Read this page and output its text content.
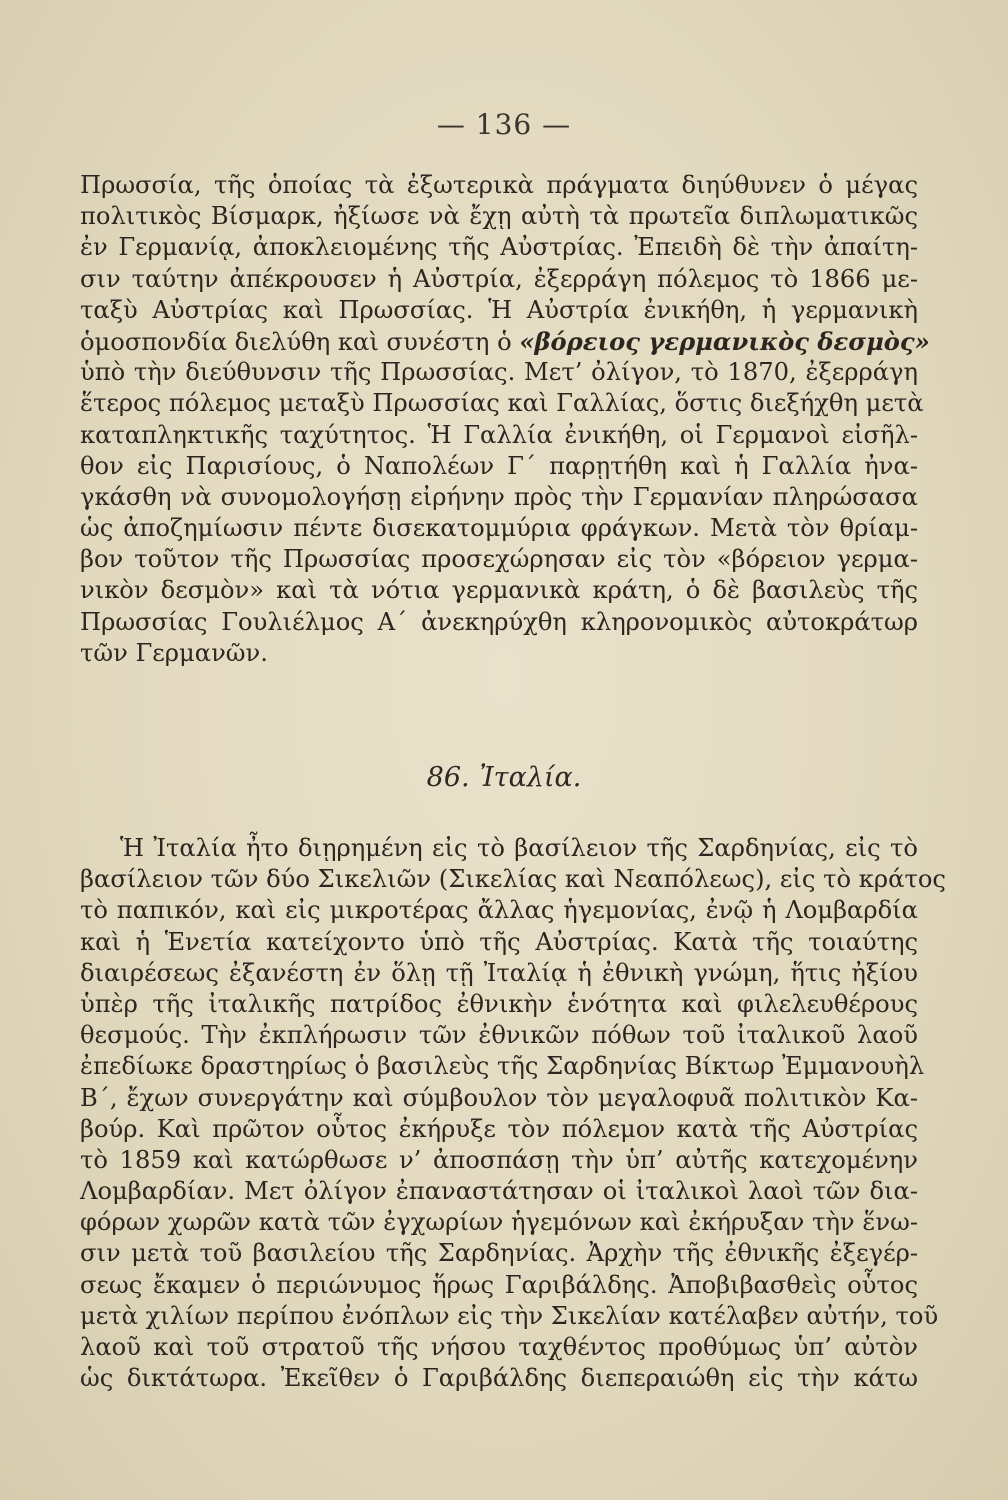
— 136 —
Πρωσσία, τῆς ὁποίας τὰ ἐξωτερικὰ πράγματα διηύθυνεν ὁ μέγας
πολιτικὸς Βίσμαρκ, ἠξίωσε νὰ ἔχῃ αὐτὴ τὰ πρωτεῖα διπλωματικῶς
ἐν Γερμανίᾳ, ἀποκλειομένης τῆς Αὐστρίας. Ἐπειδὴ δὲ τὴν ἀπαίτη-
σιν ταύτην ἀπέκρουσεν ἡ Αὐστρία, ἐξερράγη πόλεμος τὸ 1866 με-
ταξὺ Αὐστρίας καὶ Πρωσσίας. Ἡ Αὐστρία ἐνικήθη, ἡ γερμανικὴ
ὁμοσπονδία διελύθη καὶ συνέστη ὁ «βόρειος γερμανικὸς δεσμὸς»
ὑπὸ τὴν διεύθυνσιν τῆς Πρωσσίας. Μετ’ ὀλίγον, τὸ 1870, ἐξερράγη
ἕτερος πόλεμος μεταξὺ Πρωσσίας καὶ Γαλλίας, ὅστις διεξήχθη μετὰ
καταπληκτικῆς ταχύτητος. Ἡ Γαλλία ἐνικήθη, οἱ Γερμανοὶ εἰσῆλ-
θον εἰς Παρισίους, ὁ Ναπολέων Γ´ παρῃτήθη καὶ ἡ Γαλλία ἠνα-
γκάσθη νὰ συνομολογήσῃ εἰρήνην πρὸς τὴν Γερμανίαν πληρώσασα
ὡς ἀποζημίωσιν πέντε δισεκατομμύρια φράγκων. Μετὰ τὸν θρίαμ-
βον τοῦτον τῆς Πρωσσίας προσεχώρησαν εἰς τὸν «βόρειον γερμα-
νικὸν δεσμὸν» καὶ τὰ νότια γερμανικὰ κράτη, ὁ δὲ βασιλεὺς τῆς
Πρωσσίας Γουλιέλμος Α´ ἀνεκηρύχθη κληρονομικὸς αὐτοκράτωρ
τῶν Γερμανῶν.
86. Ἰταλία.
Ἡ Ἰταλία ἦτο διῃρημένη εἰς τὸ βασίλειον τῆς Σαρδηνίας, εἰς τὸ
βασίλειον τῶν δύο Σικελιῶν (Σικελίας καὶ Νεαπόλεως), εἰς τὸ κράτος
τὸ παπικόν, καὶ εἰς μικροτέρας ἄλλας ἡγεμονίας, ἐνῷ ἡ Λομβαρδία
καὶ ἡ Ἑνετία κατείχοντο ὑπὸ τῆς Αὐστρίας. Κατὰ τῆς τοιαύτης
διαιρέσεως ἐξανέστη ἐν ὅλῃ τῇ Ἰταλίᾳ ἡ ἐθνικὴ γνώμη, ἥτις ἠξίου
ὑπὲρ τῆς ἰταλικῆς πατρίδος ἐθνικὴν ἑνότητα καὶ φιλελευθέρους
θεσμούς. Τὴν ἐκπλήρωσιν τῶν ἐθνικῶν πόθων τοῦ ἰταλικοῦ λαοῦ
ἐπεδίωκε δραστηρίως ὁ βασιλεὺς τῆς Σαρδηνίας Βίκτωρ Ἐμμανουὴλ
Β´, ἔχων συνεργάτην καὶ σύμβουλον τὸν μεγαλοφυᾶ πολιτικὸν Κα-
βούρ. Καὶ πρῶτον οὗτος ἐκήρυξε τὸν πόλεμον κατὰ τῆς Αὐστρίας
τὸ 1859 καὶ κατώρθωσε ν’ ἀποσπάσῃ τὴν ὑπ’ αὐτῆς κατεχομένην
Λομβαρδίαν. Μετ ὀλίγον ἐπαναστάτησαν οἱ ἰταλικοὶ λαοὶ τῶν δια-
φόρων χωρῶν κατὰ τῶν ἐγχωρίων ἡγεμόνων καὶ ἐκήρυξαν τὴν ἕνω-
σιν μετὰ τοῦ βασιλείου τῆς Σαρδηνίας. Ἀρχὴν τῆς ἐθνικῆς ἐξεγέρ-
σεως ἔκαμεν ὁ περιώνυμος ἥρως Γαριβάλδης. Ἀποβιβασθεὶς οὗτος
μετὰ χιλίων περίπου ἐνόπλων εἰς τὴν Σικελίαν κατέλαβεν αὐτήν, τοῦ
λαοῦ καὶ τοῦ στρατοῦ τῆς νήσου ταχθέντος προθύμως ὑπ’ αὐτὸν
ὡς δικτάτωρα. Ἐκεῖθεν ὁ Γαριβάλδης διεπεραιώθη εἰς τὴν κάτω
